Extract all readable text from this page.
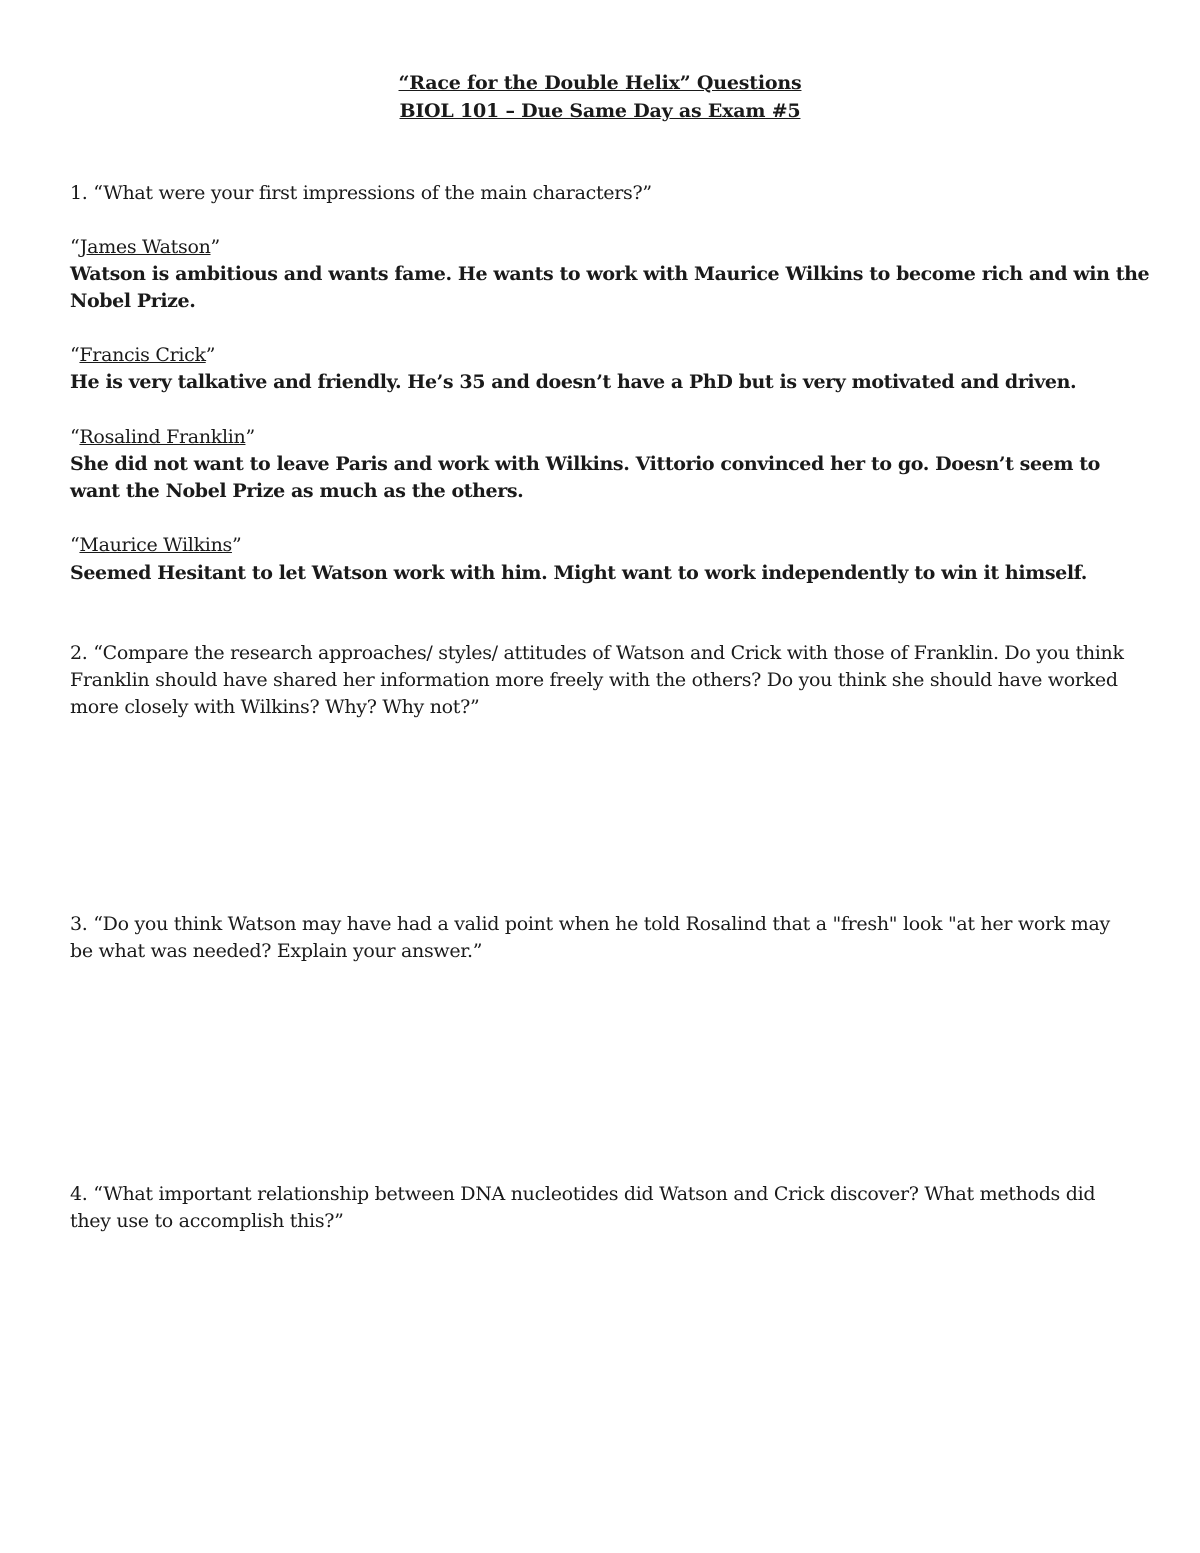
“Race for the Double Helix” Questions
BIOL 101 – Due Same Day as Exam #5
1. “What were your first impressions of the main characters?”
“James Watson”
Watson is ambitious and wants fame. He wants to work with Maurice Wilkins to become rich and win the
Nobel Prize.
“Francis Crick”
He is very talkative and friendly. He’s 35 and doesn’t have a PhD but is very motivated and driven.
“Rosalind Franklin”
She did not want to leave Paris and work with Wilkins. Vittorio convinced her to go. Doesn’t seem to
want the Nobel Prize as much as the others.
“Maurice Wilkins”
Seemed Hesitant to let Watson work with him. Might want to work independently to win it himself.
2. “Compare the research approaches/ styles/ attitudes of Watson and Crick with those of Franklin. Do you think
Franklin should have shared her information more freely with the others? Do you think she should have worked
more closely with Wilkins? Why? Why not?”
3. “Do you think Watson may have had a valid point when he told Rosalind that a "fresh" look "at her work may
be what was needed? Explain your answer.”
4. “What important relationship between DNA nucleotides did Watson and Crick discover? What methods did
they use to accomplish this?”
